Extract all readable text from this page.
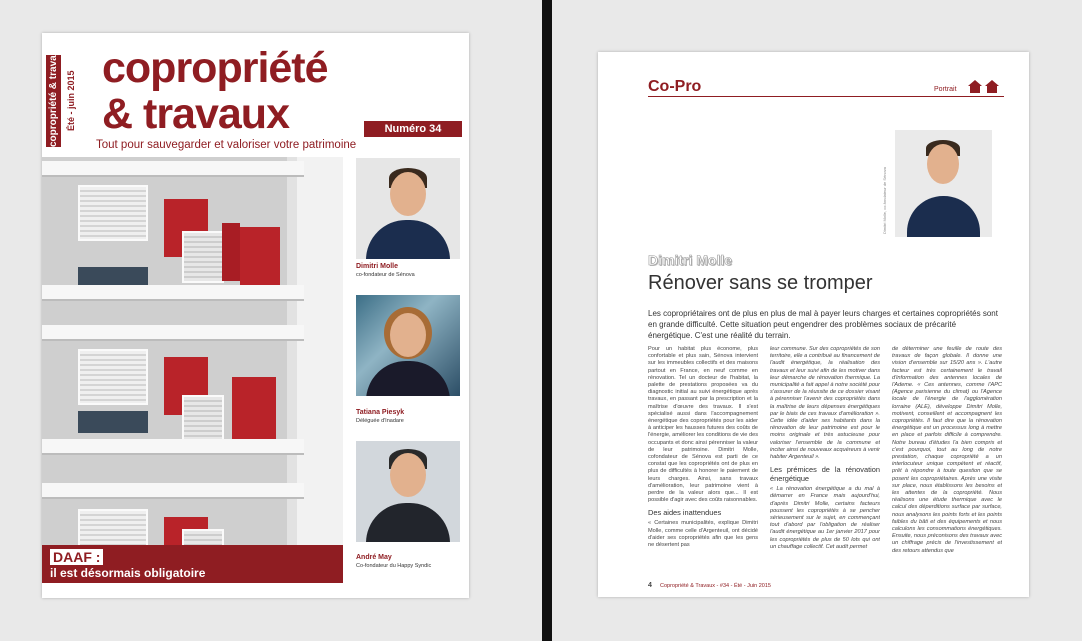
copropriété & travaux Été - juin 2015
copropriété
& travaux	Numéro 34
Tout pour sauvegarder et valoriser votre patrimoine
DAAF :
il est désormais obligatoire
Dimitri Molle
co-fondateur de Sénova
Tatiana Piesyk
Déléguée d'Inadare
André May
Co-fondateur du Happy Syndic
Co-Pro	Portrait
Dimitri Molle, co-fondateur de Sénova
Dimitri Molle
Rénover sans se tromper
Les copropriétaires ont de plus en plus de mal à payer leurs charges et certaines copropriétés sont en grande difficulté. Cette situation peut engendrer des problèmes sociaux de précarité énergétique. C'est une réalité du terrain.

Pour un habitat plus économe, plus confortable et plus sain, Sénova intervient sur les immeubles collectifs et des maisons partout en France, en neuf comme en rénovation. Tel un docteur de l'habitat, la palette de prestations proposées va du diagnostic initial au suivi énergétique après travaux, en passant par la prescription et la maîtrise d'œuvre des travaux. Il s'est spécialisé aussi dans l'accompagnement énergétique des copropriétés pour les aider à anticiper les hausses futures des coûts de l'énergie, améliorer les conditions de vie des occupants et donc ainsi pérenniser la valeur de leur patrimoine. Dimitri Molle, cofondateur de Sénova est parti de ce constat que les copropriétés ont de plus en plus de difficultés à honorer le paiement de leurs charges. Ainsi, sans travaux d'amélioration, leur patrimoine vient à perdre de la valeur alors que... Il est possible d'agir avec des coûts raisonnables.

Des aides inattendues

« Certaines municipalités, explique Dimitri Molle, comme celle d'Argenteuil, ont décidé d'aider ses copropriétés afin que les gens ne désertent pas

leur commune. Sur des copropriétés de son territoire, elle a contribué au financement de l'audit énergétique, la réalisation des travaux et leur suivi afin de les motiver dans leur démarche de rénovation thermique. La municipalité a fait appel à notre société pour s'assurer de la réussite de ce dossier visant à pérenniser l'avenir des copropriétés dans la maîtrise de leurs dépenses énergétiques par le biais de ces travaux d'amélioration ». Cette idée d'aider ses habitants dans la rénovation de leur patrimoine est pour le moins originale et très astucieuse pour valoriser l'ensemble de la commune et inciter ainsi de nouveaux acquéreurs à venir habiter Argenteuil ».

Les prémices de la rénovation énergétique

« La rénovation énergétique a du mal à démarrer en France mais aujourd'hui, d'après Dimitri Molle, certains facteurs poussent les copropriétés à se pencher sérieusement sur le sujet, en commençant tout d'abord par l'obligation de réaliser l'audit énergétique au 1er janvier 2017 pour les copropriétés de plus de 50 lots qui ont un chauffage collectif. Cet audit permet

de déterminer une feuille de route des travaux de façon globale. Il donne une vision d'ensemble sur 15/20 ans ». L'autre facteur est très certainement le travail d'information des antennes locales de l'Ademe. « Ces antennes, comme l'APC (Agence parisienne du climat) ou l'Agence locale de l'énergie de l'agglomération lorraine (ALE), développe Dimitri Molle, motivent, conseillent et accompagnent les copropriétés. Il faut dire que la rénovation énergétique est un processus long à mettre en place et parfois difficile à comprendre. Notre bureau d'études l'a bien compris et c'est pourquoi, tout au long de notre prestation, chaque copropriété a un interlocuteur unique compétent et réactif, prêt à répondre à toute question que se posent les copropriétaires. Après une visite sur place, nous établissons les besoins et les attentes de la copropriété. Nous réalisons une étude thermique avec le calcul des déperditions surface par surface, nous analysons les points forts et les points faibles du bâti et des équipements et nous calculons les consommations énergétiques. Ensuite, nous préconisons des travaux avec un chiffrage précis de l'investissement et des retours attendus que

4 Copropriété & Travaux - #34 - Été - Juin 2015
